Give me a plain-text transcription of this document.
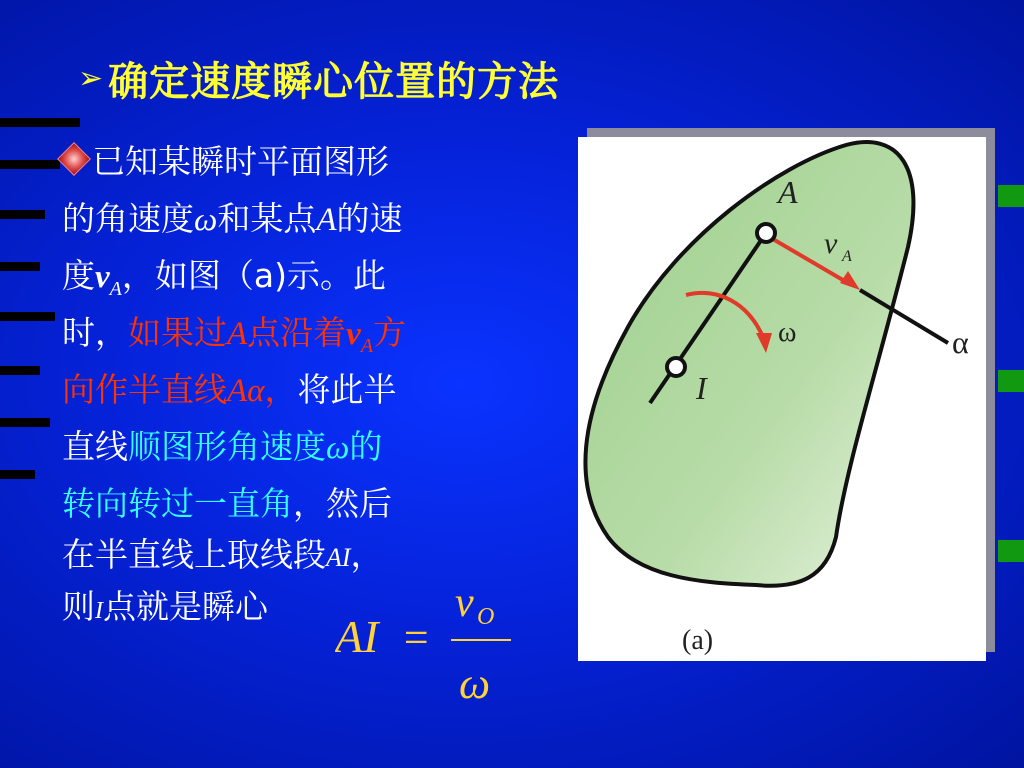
➢ 确定速度瞬心位置的方法
已知某瞬时平面图形
的角速度ω和某点A的速
度$v_A$，如图（a)示。此
时，如果过A点沿着$v_A$方
向作半直线Aα，将此半
直线顺图形角速度ω的
转向转过一直角，然后
在半直线上取线段AI，
则I点就是瞬心
AI =
v O
ω
A
v A
ω
I
α
(a)
